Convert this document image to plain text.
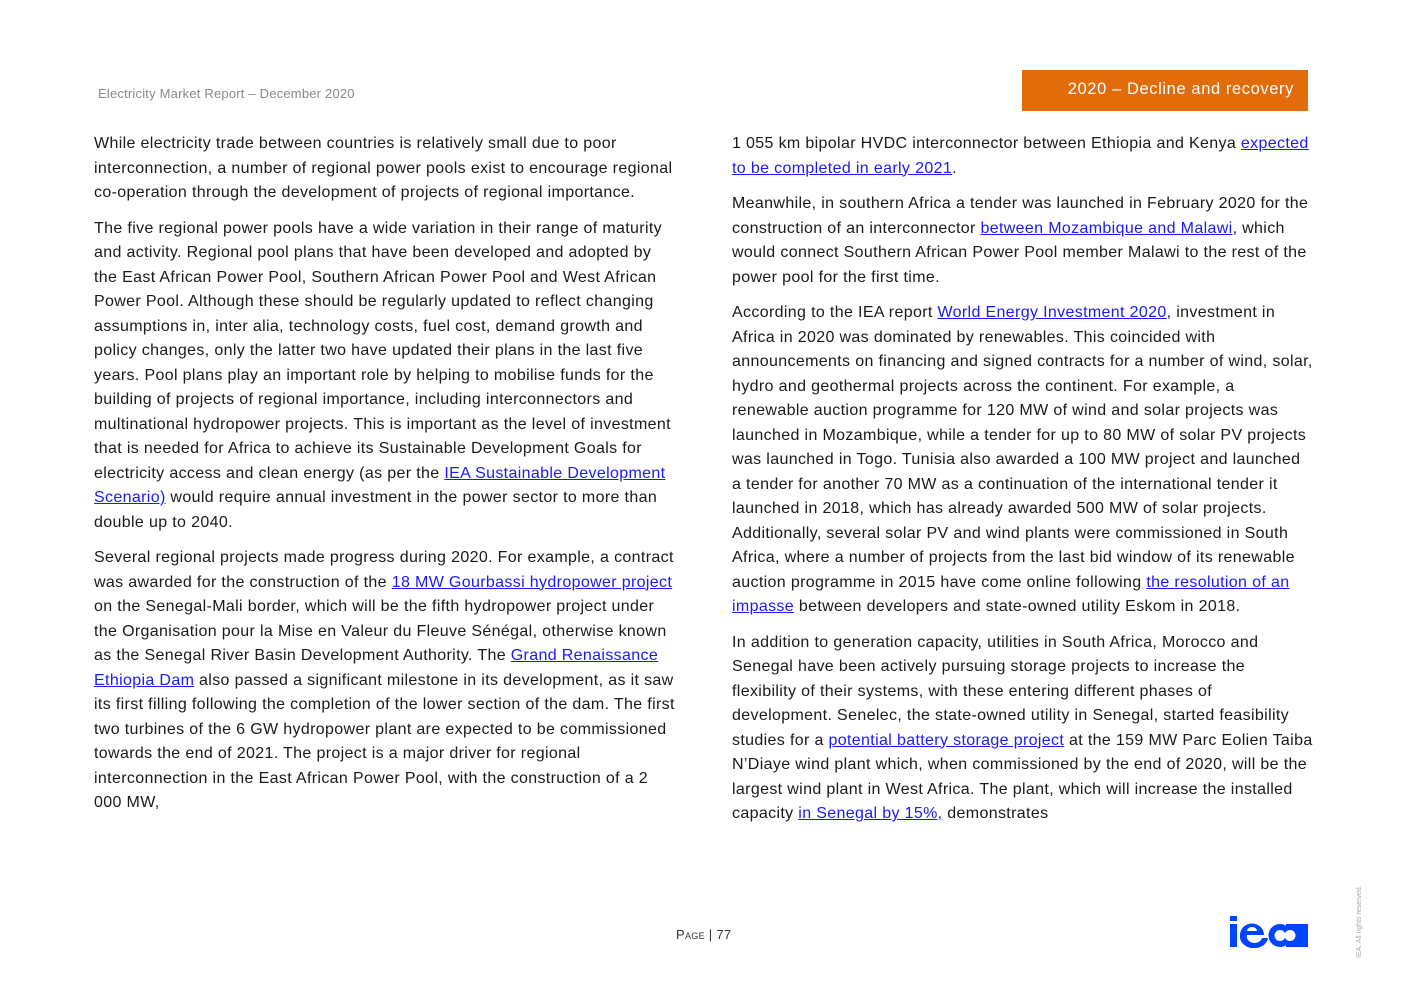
Electricity Market Report – December 2020	2020 – Decline and recovery

While electricity trade between countries is relatively small due to poor interconnection, a number of regional power pools exist to encourage regional co-operation through the development of projects of regional importance.

The five regional power pools have a wide variation in their range of maturity and activity. Regional pool plans that have been developed and adopted by the East African Power Pool, Southern African Power Pool and West African Power Pool. Although these should be regularly updated to reflect changing assumptions in, inter alia, technology costs, fuel cost, demand growth and policy changes, only the latter two have updated their plans in the last five years. Pool plans play an important role by helping to mobilise funds for the building of projects of regional importance, including interconnectors and multinational hydropower projects. This is important as the level of investment that is needed for Africa to achieve its Sustainable Development Goals for electricity access and clean energy (as per the IEA Sustainable Development Scenario) would require annual investment in the power sector to more than double up to 2040.

Several regional projects made progress during 2020. For example, a contract was awarded for the construction of the 18 MW Gourbassi hydropower project on the Senegal-Mali border, which will be the fifth hydropower project under the Organisation pour la Mise en Valeur du Fleuve Sénégal, otherwise known as the Senegal River Basin Development Authority. The Grand Renaissance Ethiopia Dam also passed a significant milestone in its development, as it saw its first filling following the completion of the lower section of the dam. The first two turbines of the 6 GW hydropower plant are expected to be commissioned towards the end of 2021. The project is a major driver for regional interconnection in the East African Power Pool, with the construction of a 2 000 MW,

1 055 km bipolar HVDC interconnector between Ethiopia and Kenya expected to be completed in early 2021.

Meanwhile, in southern Africa a tender was launched in February 2020 for the construction of an interconnector between Mozambique and Malawi, which would connect Southern African Power Pool member Malawi to the rest of the power pool for the first time.

According to the IEA report World Energy Investment 2020, investment in Africa in 2020 was dominated by renewables. This coincided with announcements on financing and signed contracts for a number of wind, solar, hydro and geothermal projects across the continent. For example, a renewable auction programme for 120 MW of wind and solar projects was launched in Mozambique, while a tender for up to 80 MW of solar PV projects was launched in Togo. Tunisia also awarded a 100 MW project and launched a tender for another 70 MW as a continuation of the international tender it launched in 2018, which has already awarded 500 MW of solar projects. Additionally, several solar PV and wind plants were commissioned in South Africa, where a number of projects from the last bid window of its renewable auction programme in 2015 have come online following the resolution of an impasse between developers and state-owned utility Eskom in 2018.

In addition to generation capacity, utilities in South Africa, Morocco and Senegal have been actively pursuing storage projects to increase the flexibility of their systems, with these entering different phases of development. Senelec, the state-owned utility in Senegal, started feasibility studies for a potential battery storage project at the 159 MW Parc Eolien Taiba N’Diaye wind plant which, when commissioned by the end of 2020, will be the largest wind plant in West Africa. The plant, which will increase the installed capacity in Senegal by 15%, demonstrates

Page | 77	IEA. All rights reserved.
